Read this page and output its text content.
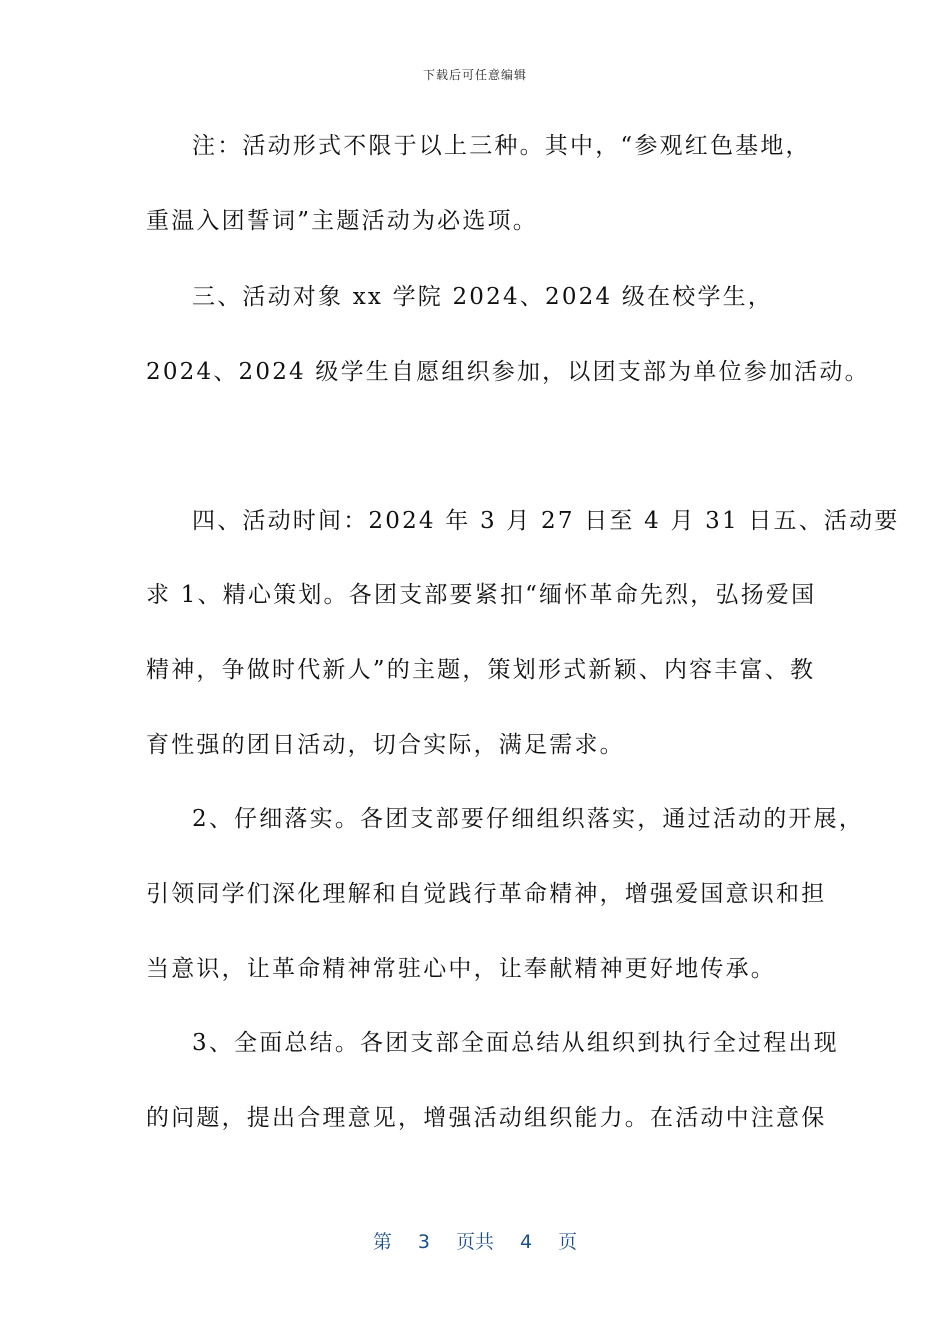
下载后可任意编辑
注：活动形式不限于以上三种。其中，“参观红色基地，
重温入团誓词”主题活动为必选项。
三、活动对象 xx 学院 2024、2024 级在校学生，
2024、2024 级学生自愿组织参加，以团支部为单位参加活动。
四、活动时间：2024 年 3 月 27 日至 4 月 31 日五、活动要
求 1、精心策划。各团支部要紧扣“缅怀革命先烈，弘扬爱国
精神，争做时代新人”的主题，策划形式新颖、内容丰富、教
育性强的团日活动，切合实际，满足需求。
2、仔细落实。各团支部要仔细组织落实，通过活动的开展，
引领同学们深化理解和自觉践行革命精神，增强爱国意识和担
当意识，让革命精神常驻心中，让奉献精神更好地传承。
3、全面总结。各团支部全面总结从组织到执行全过程出现
的问题，提出合理意见，增强活动组织能力。在活动中注意保
第 3 页共 4 页
